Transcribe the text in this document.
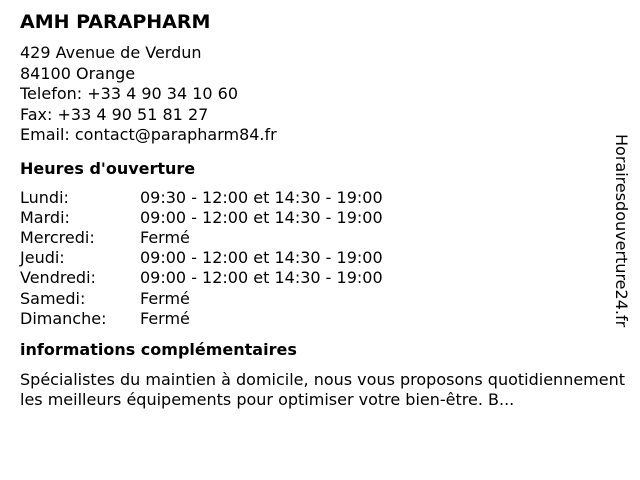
AMH PARAPHARM
429 Avenue de Verdun
84100 Orange
Telefon: +33 4 90 34 10 60
Fax: +33 4 90 51 81 27
Email: contact@parapharm84.fr
Heures d'ouverture
Lundi:	09:30 - 12:00 et 14:30 - 19:00
Mardi:	09:00 - 12:00 et 14:30 - 19:00
Mercredi:	Fermé
Jeudi:	09:00 - 12:00 et 14:30 - 19:00
Vendredi:	09:00 - 12:00 et 14:30 - 19:00
Samedi:	Fermé
Dimanche:	Fermé
informations complémentaires
Spécialistes du maintien à domicile, nous vous proposons quotidiennement les meilleurs équipements pour optimiser votre bien-être. B...
Horairesdouverture24.fr
